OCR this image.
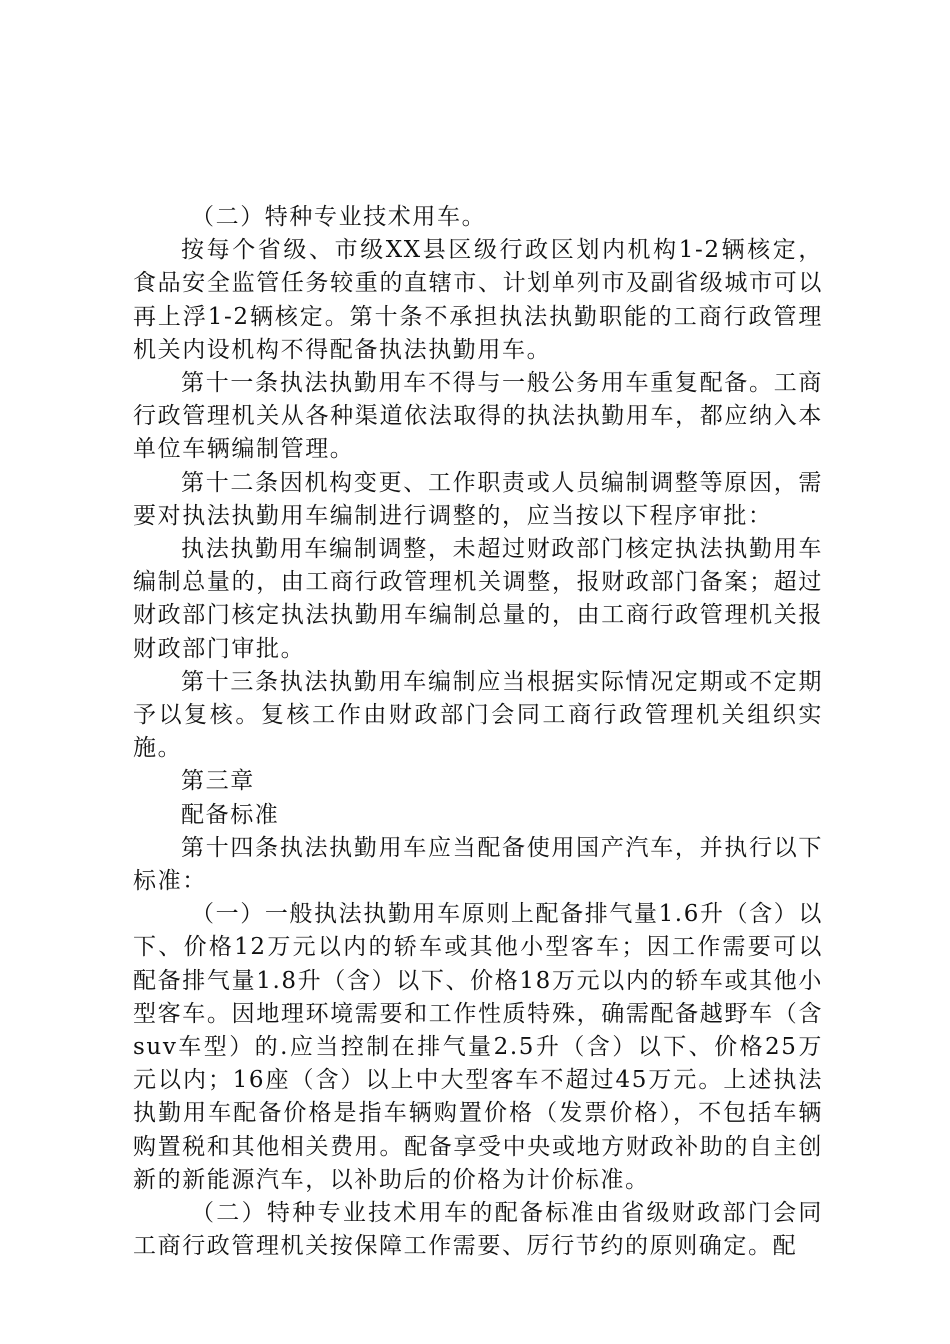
（二）特种专业技术用车。

按每个省级、市级XX县区级行政区划内机构1-2辆核定，食品安全监管任务较重的直辖市、计划单列市及副省级城市可以再上浮1-2辆核定。第十条不承担执法执勤职能的工商行政管理机关内设机构不得配备执法执勤用车。

第十一条执法执勤用车不得与一般公务用车重复配备。工商行政管理机关从各种渠道依法取得的执法执勤用车，都应纳入本单位车辆编制管理。

第十二条因机构变更、工作职责或人员编制调整等原因，需要对执法执勤用车编制进行调整的，应当按以下程序审批：

执法执勤用车编制调整，未超过财政部门核定执法执勤用车编制总量的，由工商行政管理机关调整，报财政部门备案；超过财政部门核定执法执勤用车编制总量的，由工商行政管理机关报财政部门审批。

第十三条执法执勤用车编制应当根据实际情况定期或不定期予以复核。复核工作由财政部门会同工商行政管理机关组织实施。

第三章

配备标准

第十四条执法执勤用车应当配备使用国产汽车，并执行以下标准：

（一）一般执法执勤用车原则上配备排气量1.6升（含）以下、价格12万元以内的轿车或其他小型客车；因工作需要可以配备排气量1.8升（含）以下、价格18万元以内的轿车或其他小型客车。因地理环境需要和工作性质特殊，确需配备越野车（含suv车型）的.应当控制在排气量2.5升（含）以下、价格25万元以内；16座（含）以上中大型客车不超过45万元。上述执法执勤用车配备价格是指车辆购置价格（发票价格），不包括车辆购置税和其他相关费用。配备享受中央或地方财政补助的自主创新的新能源汽车，以补助后的价格为计价标准。

（二）特种专业技术用车的配备标准由省级财政部门会同工商行政管理机关按保障工作需要、厉行节约的原则确定。配
